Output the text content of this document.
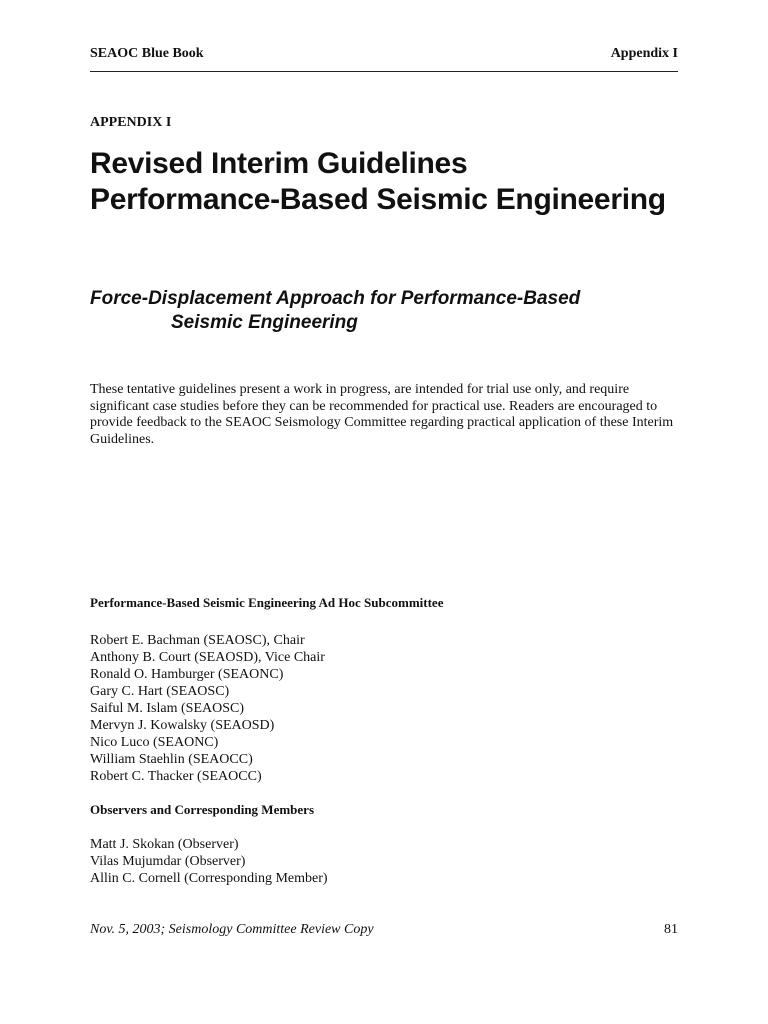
SEAOC Blue Book	Appendix I
APPENDIX I
Revised Interim Guidelines
Performance-Based Seismic Engineering
Force-Displacement Approach for Performance-Based
Seismic Engineering
These tentative guidelines present a work in progress, are intended for trial use only, and require significant case studies before they can be recommended for practical use. Readers are encouraged to provide feedback to the SEAOC Seismology Committee regarding practical application of these Interim Guidelines.
Performance-Based Seismic Engineering Ad Hoc Subcommittee
Robert E. Bachman (SEAOSC), Chair
Anthony B. Court (SEAOSD), Vice Chair
Ronald O. Hamburger (SEAONC)
Gary C. Hart (SEAOSC)
Saiful M. Islam (SEAOSC)
Mervyn J. Kowalsky (SEAOSD)
Nico Luco (SEAONC)
William Staehlin (SEAOCC)
Robert C. Thacker (SEAOCC)
Observers and Corresponding Members
Matt J. Skokan (Observer)
Vilas Mujumdar (Observer)
Allin C. Cornell (Corresponding Member)
Nov. 5, 2003; Seismology Committee Review Copy	81
